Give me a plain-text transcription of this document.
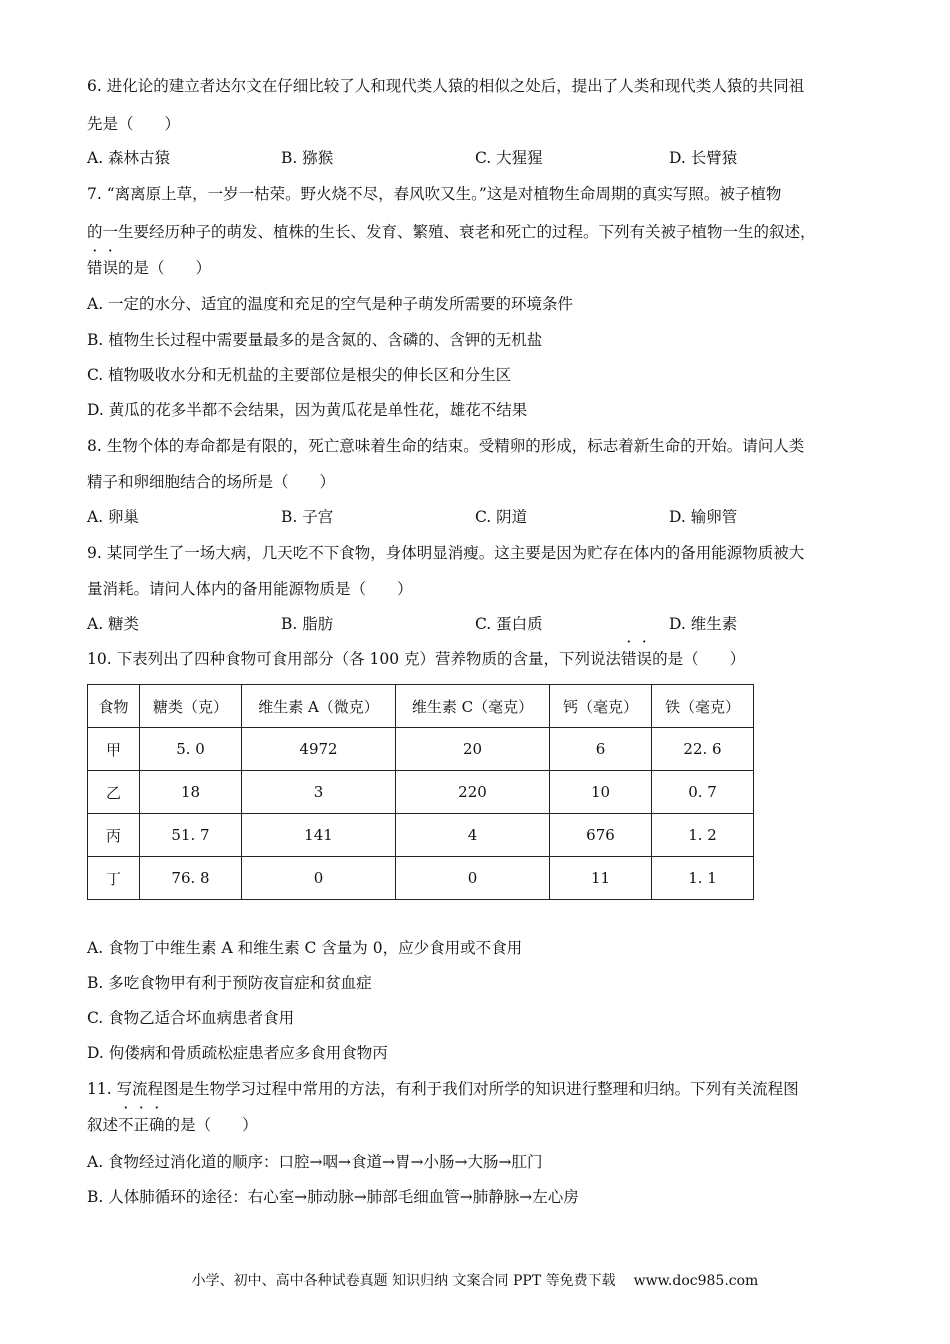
6. 进化论的建立者达尔文在仔细比较了人和现代类人猿的相似之处后，提出了人类和现代类人猿的共同祖
先是（　　）
A. 森林古猿	B. 猕猴	C. 大猩猩	D. 长臂猿
7. “离离原上草，一岁一枯荣。野火烧不尽，春风吹又生。”这是对植物生命周期的真实写照。被子植物
的一生要经历种子的萌发、植株的生长、发育、繁殖、衰老和死亡的过程。下列有关被子植物一生的叙述，
错误的是（　　）
A. 一定的水分、适宜的温度和充足的空气是种子萌发所需要的环境条件
B. 植物生长过程中需要量最多的是含氮的、含磷的、含钾的无机盐
C. 植物吸收水分和无机盐的主要部位是根尖的伸长区和分生区
D. 黄瓜的花多半都不会结果，因为黄瓜花是单性花，雄花不结果
8. 生物个体的寿命都是有限的，死亡意味着生命的结束。受精卵的形成，标志着新生命的开始。请问人类
精子和卵细胞结合的场所是（　　）
A. 卵巢	B. 子宫	C. 阴道	D. 输卵管
9. 某同学生了一场大病，几天吃不下食物，身体明显消瘦。这主要是因为贮存在体内的备用能源物质被大
量消耗。请问人体内的备用能源物质是（　　）
A. 糖类	B. 脂肪	C. 蛋白质	D. 维生素
10. 下表列出了四种食物可食用部分（各 100 克）营养物质的含量，下列说法错误的是（　　）
食物	糖类（克）	维生素 A（微克）	维生素 C（毫克）	钙（毫克）	铁（毫克）
甲	5. 0	4972	20	6	22. 6
乙	18	3	220	10	0. 7
丙	51. 7	141	4	676	1. 2
丁	76. 8	0	0	11	1. 1
A. 食物丁中维生素 A 和维生素 C 含量为 0，应少食用或不食用
B. 多吃食物甲有利于预防夜盲症和贫血症
C. 食物乙适合坏血病患者食用
D. 佝偻病和骨质疏松症患者应多食用食物丙
11. 写流程图是生物学习过程中常用的方法，有利于我们对所学的知识进行整理和归纳。下列有关流程图
叙述不正确的是（　　）
A. 食物经过消化道的顺序：口腔→咽→食道→胃→小肠→大肠→肛门
B. 人体肺循环的途径：右心室→肺动脉→肺部毛细血管→肺静脉→左心房
小学、初中、高中各种试卷真题 知识归纳 文案合同 PPT 等免费下载 www.doc985.com
